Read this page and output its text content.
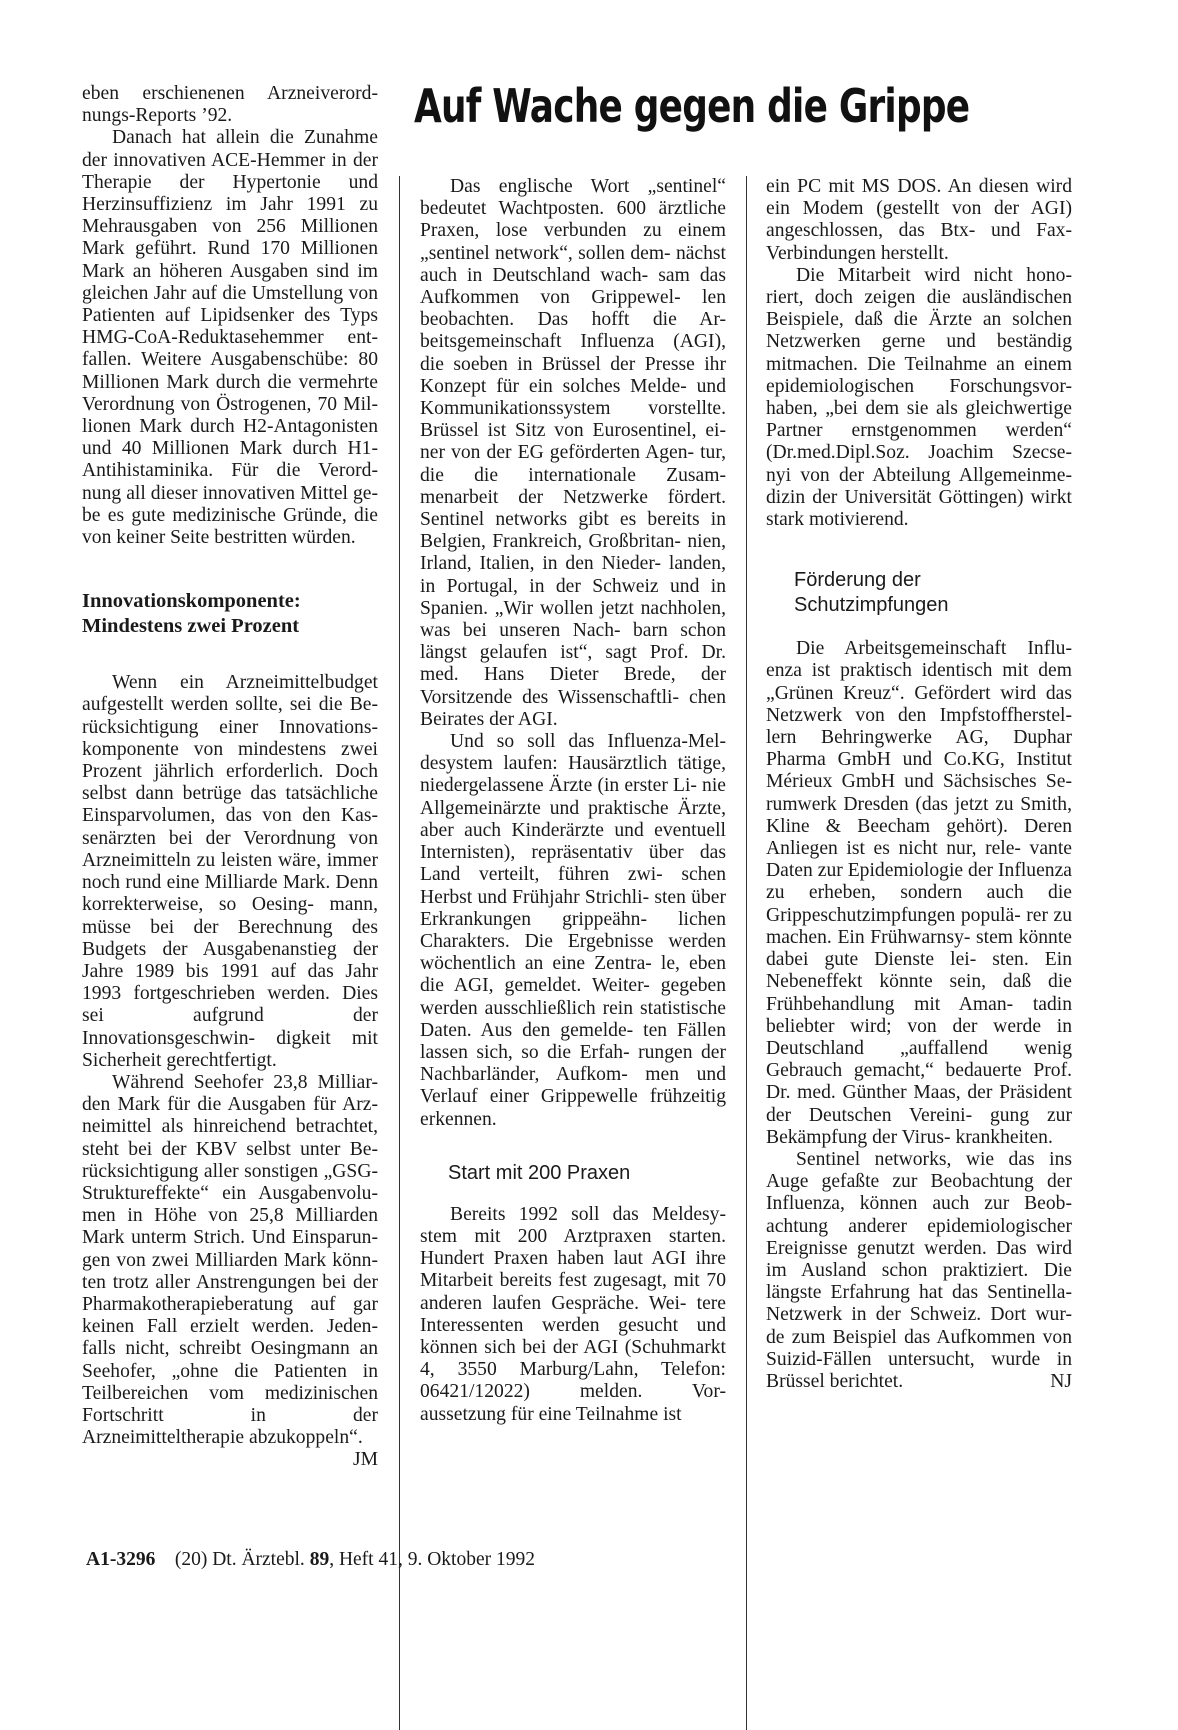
eben erschienenen Arzneiverord- nungs-Reports ’92.

Danach hat allein die Zunahme der innovativen ACE-Hemmer in der Therapie der Hypertonie und Herzinsuffizienz im Jahr 1991 zu Mehrausgaben von 256 Millionen Mark geführt. Rund 170 Millionen Mark an höheren Ausgaben sind im gleichen Jahr auf die Umstellung von Patienten auf Lipidsenker des Typs HMG-CoA-Reduktasehemmer ent- fallen. Weitere Ausgabenschübe: 80 Millionen Mark durch die vermehrte Verordnung von Östrogenen, 70 Mil- lionen Mark durch H2-Antagonisten und 40 Millionen Mark durch H1- Antihistaminika. Für die Verord- nung all dieser innovativen Mittel ge- be es gute medizinische Gründe, die von keiner Seite bestritten würden.

Innovationskomponente:
Mindestens zwei Prozent

Wenn ein Arzneimittelbudget aufgestellt werden sollte, sei die Be- rücksichtigung einer Innovations- komponente von mindestens zwei Prozent jährlich erforderlich. Doch selbst dann betrüge das tatsächliche Einsparvolumen, das von den Kas- senärzten bei der Verordnung von Arzneimitteln zu leisten wäre, immer noch rund eine Milliarde Mark. Denn korrekterweise, so Oesing- mann, müsse bei der Berechnung des Budgets der Ausgabenanstieg der Jahre 1989 bis 1991 auf das Jahr 1993 fortgeschrieben werden. Dies sei aufgrund der Innovationsgeschwin- digkeit mit Sicherheit gerechtfertigt.

Während Seehofer 23,8 Milliar- den Mark für die Ausgaben für Arz- neimittel als hinreichend betrachtet, steht bei der KBV selbst unter Be- rücksichtigung aller sonstigen „GSG- Struktureffekte“ ein Ausgabenvolu- men in Höhe von 25,8 Milliarden Mark unterm Strich. Und Einsparun- gen von zwei Milliarden Mark könn- ten trotz aller Anstrengungen bei der Pharmakotherapieberatung auf gar keinen Fall erzielt werden. Jeden- falls nicht, schreibt Oesingmann an Seehofer, „ohne die Patienten in Teilbereichen vom medizinischen Fortschritt in der Arzneimitteltherapie abzukoppeln“.
JM

Auf Wache gegen die Grippe

Das englische Wort „sentinel“ bedeutet Wachtposten. 600 ärztliche Praxen, lose verbunden zu einem „sentinel network“, sollen dem- nächst auch in Deutschland wach- sam das Aufkommen von Grippewel- len beobachten. Das hofft die Ar- beitsgemeinschaft Influenza (AGI), die soeben in Brüssel der Presse ihr Konzept für ein solches Melde- und Kommunikationssystem vorstellte. Brüssel ist Sitz von Eurosentinel, ei- ner von der EG geförderten Agen- tur, die die internationale Zusam- menarbeit der Netzwerke fördert. Sentinel networks gibt es bereits in Belgien, Frankreich, Großbritan- nien, Irland, Italien, in den Nieder- landen, in Portugal, in der Schweiz und in Spanien. „Wir wollen jetzt nachholen, was bei unseren Nach- barn schon längst gelaufen ist“, sagt Prof. Dr. med. Hans Dieter Brede, der Vorsitzende des Wissenschaftli- chen Beirates der AGI.

Und so soll das Influenza-Mel- desystem laufen: Hausärztlich tätige, niedergelassene Ärzte (in erster Li- nie Allgemeinärzte und praktische Ärzte, aber auch Kinderärzte und eventuell Internisten), repräsentativ über das Land verteilt, führen zwi- schen Herbst und Frühjahr Strichli- sten über Erkrankungen grippeähn- lichen Charakters. Die Ergebnisse werden wöchentlich an eine Zentra- le, eben die AGI, gemeldet. Weiter- gegeben werden ausschließlich rein statistische Daten. Aus den gemelde- ten Fällen lassen sich, so die Erfah- rungen der Nachbarländer, Aufkom- men und Verlauf einer Grippewelle frühzeitig erkennen.

Start mit 200 Praxen

Bereits 1992 soll das Meldesy- stem mit 200 Arztpraxen starten. Hundert Praxen haben laut AGI ihre Mitarbeit bereits fest zugesagt, mit 70 anderen laufen Gespräche. Wei- tere Interessenten werden gesucht und können sich bei der AGI (Schuhmarkt 4, 3550 Marburg/Lahn, Telefon: 06421/12022) melden. Vor- aussetzung für eine Teilnahme ist

ein PC mit MS DOS. An diesen wird ein Modem (gestellt von der AGI) angeschlossen, das Btx- und Fax- Verbindungen herstellt.

Die Mitarbeit wird nicht hono- riert, doch zeigen die ausländischen Beispiele, daß die Ärzte an solchen Netzwerken gerne und beständig mitmachen. Die Teilnahme an einem epidemiologischen Forschungsvor- haben, „bei dem sie als gleichwertige Partner ernstgenommen werden“ (Dr.med.Dipl.Soz. Joachim Szecse- nyi von der Abteilung Allgemeinme- dizin der Universität Göttingen) wirkt stark motivierend.

Förderung der
Schutzimpfungen

Die Arbeitsgemeinschaft Influ- enza ist praktisch identisch mit dem „Grünen Kreuz“. Gefördert wird das Netzwerk von den Impfstoffherstel- lern Behringwerke AG, Duphar Pharma GmbH und Co.KG, Institut Mérieux GmbH und Sächsisches Se- rumwerk Dresden (das jetzt zu Smith, Kline & Beecham gehört). Deren Anliegen ist es nicht nur, rele- vante Daten zur Epidemiologie der Influenza zu erheben, sondern auch die Grippeschutzimpfungen populä- rer zu machen. Ein Frühwarnsy- stem könnte dabei gute Dienste lei- sten. Ein Nebeneffekt könnte sein, daß die Frühbehandlung mit Aman- tadin beliebter wird; von der werde in Deutschland „auffallend wenig Gebrauch gemacht,“ bedauerte Prof. Dr. med. Günther Maas, der Präsident der Deutschen Vereini- gung zur Bekämpfung der Virus- krankheiten.

Sentinel networks, wie das ins Auge gefaßte zur Beobachtung der Influenza, können auch zur Beob- achtung anderer epidemiologischer Ereignisse genutzt werden. Das wird im Ausland schon praktiziert. Die längste Erfahrung hat das Sentinella- Netzwerk in der Schweiz. Dort wur- de zum Beispiel das Aufkommen von Suizid-Fällen untersucht, wurde in Brüssel berichtet.	NJ

A1-3296 (20) Dt. Ärztebl. 89, Heft 41, 9. Oktober 1992
